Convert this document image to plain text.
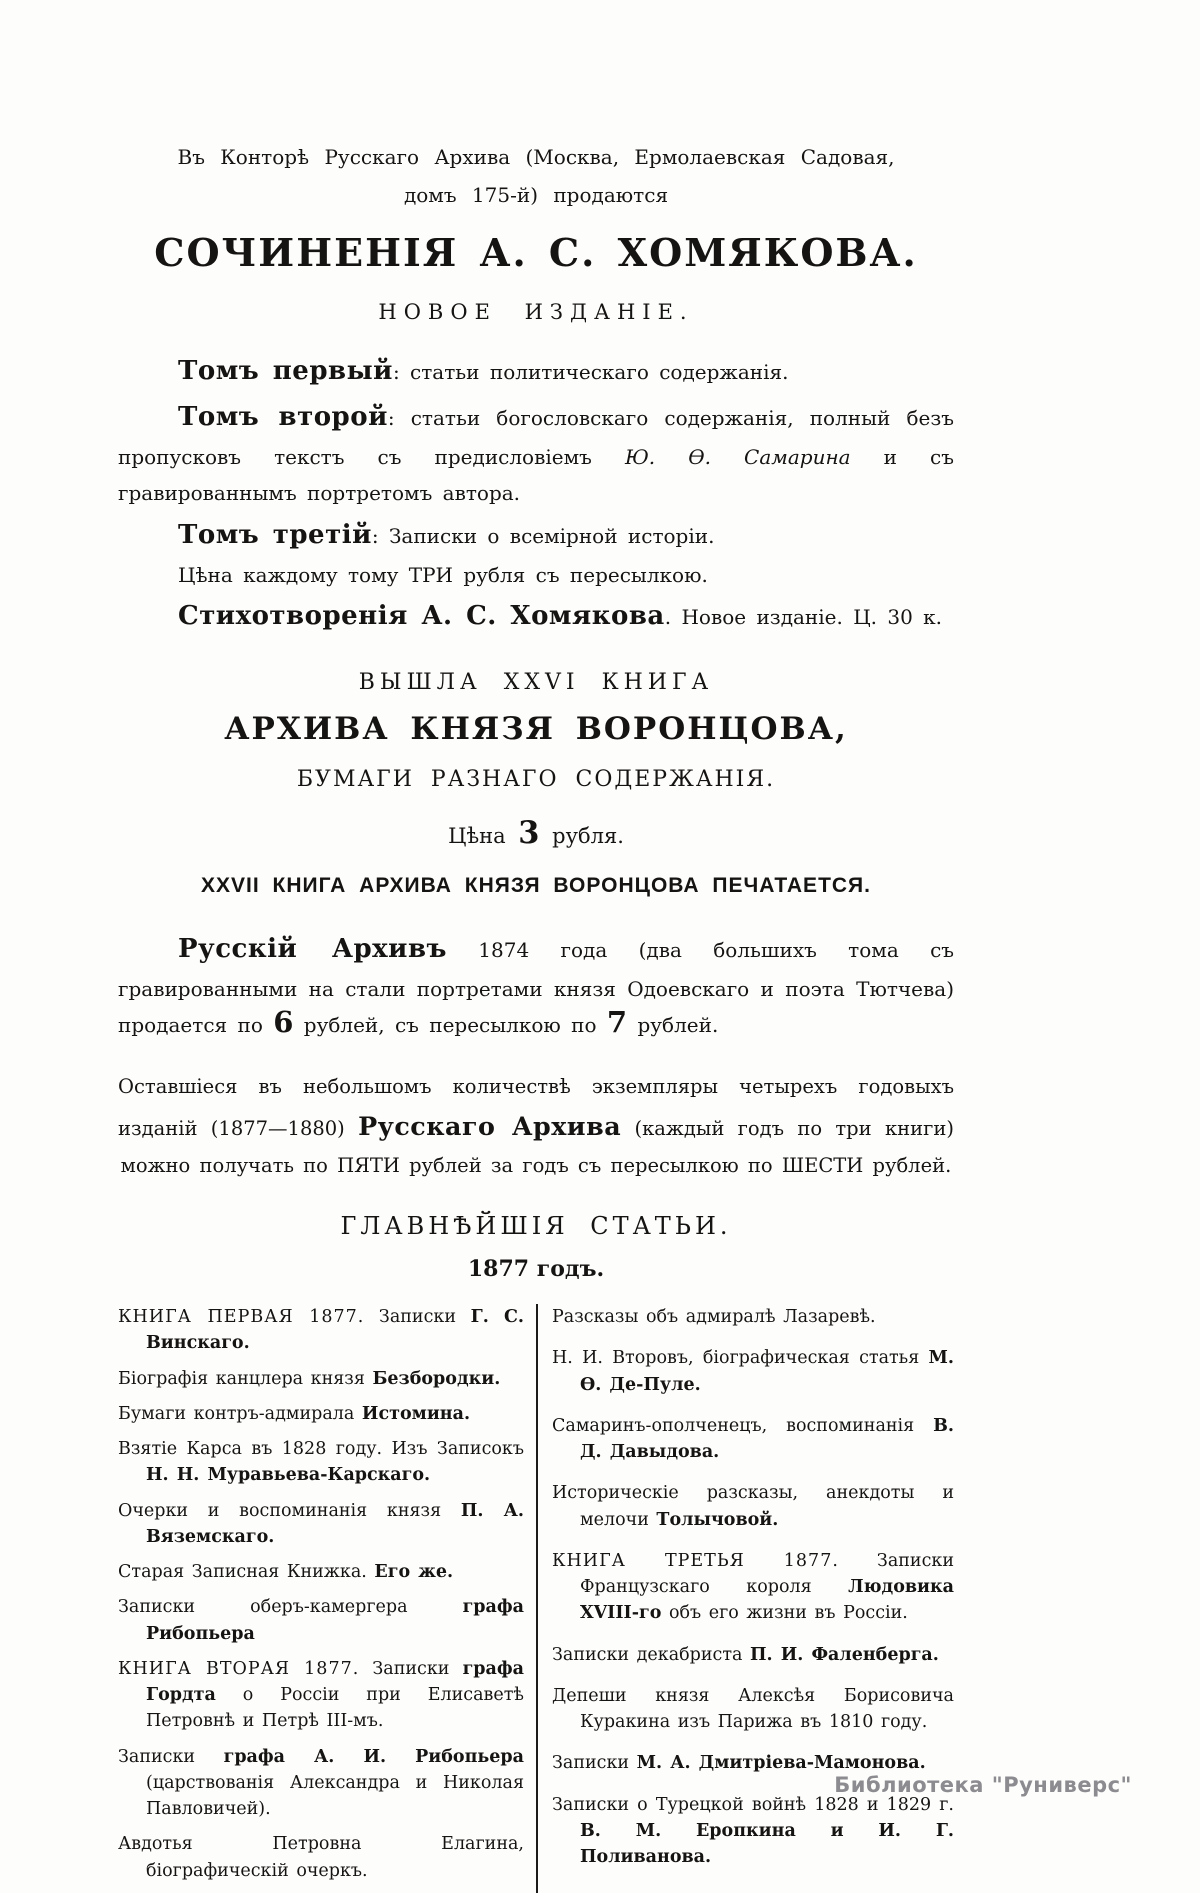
Въ Конторѣ Русскаго Архива (Москва, Ермолаевская Садовая,
домъ 175-й) продаются

СОЧИНЕНІЯ А. С. ХОМЯКОВА.
НОВОЕ ИЗДАНІЕ.

Томъ первый: статьи политическаго содержанія.

Томъ второй: статьи богословскаго содержанія, полный безъ пропусковъ текстъ съ предисловіемъ Ю. Ѳ. Самарина и съ гравированнымъ портретомъ автора.

Томъ третій: Записки о всемірной исторіи.

Цѣна каждому тому ТРИ рубля съ пересылкою.

Стихотворенія А. С. Хомякова. Новое изданіе. Ц. 30 к.

ВЫШЛА XXVI КНИГА
АРХИВА КНЯЗЯ ВОРОНЦОВА,
БУМАГИ РАЗНАГО СОДЕРЖАНІЯ.
Цѣна 3 рубля.
XXVII КНИГА АРХИВА КНЯЗЯ ВОРОНЦОВА ПЕЧАТАЕТСЯ.

Русскій Архивъ 1874 года (два большихъ тома съ гравированными на стали портретами князя Одоевскаго и поэта Тютчева) продается по 6 рублей, съ пересылкою по 7 рублей.

Оставшіеся въ небольшомъ количествѣ экземпляры четырехъ годовыхъ изданій (1877—1880) Русскаго Архива (каждый годъ по три книги) можно получать по ПЯТИ рублей за годъ съ пересылкою по ШЕСТИ рублей.

ГЛАВНѢЙШІЯ СТАТЬИ.
1877 годъ.
КНИГА ПЕРВАЯ 1877. Записки Г. С. Винскаго.
Біографія канцлера князя Безбородки.
Бумаги контръ-адмирала Истомина.
Взятіе Карса въ 1828 году. Изъ Записокъ Н. Н. Муравьева-Карскаго.
Очерки и воспоминанія князя П. А. Вяземскаго.
Старая Записная Книжка. Его же.
Записки оберъ-камергера графа Рибопьера
КНИГА ВТОРАЯ 1877. Записки графа Гордта о Россіи при Елисаветѣ Петровнѣ и Петрѣ III-мъ.
Записки графа А. И. Рибопьера (царствованія Александра и Николая Павловичей).
Авдотья Петровна Елагина, біографическій очеркъ.
Разсказы объ адмиралѣ Лазаревѣ.
Н. И. Второвъ, біографическая статья М. Ѳ. Де-Пуле.
Самаринъ-ополченецъ, воспоминанія В. Д. Давыдова.
Историческіе разсказы, анекдоты и мелочи Толычовой.
КНИГА ТРЕТЬЯ 1877. Записки Французскаго короля Людовика XVIII-го объ его жизни въ Россіи.
Записки декабриста П. И. Фаленберга.
Депеши князя Алексѣя Борисовича Куракина изъ Парижа въ 1810 году.
Записки М. А. Дмитріева-Мамонова.
Записки о Турецкой войнѣ 1828 и 1829 г. В. М. Еропкина и И. Г. Поливанова.
Библиотека "Руниверс"
